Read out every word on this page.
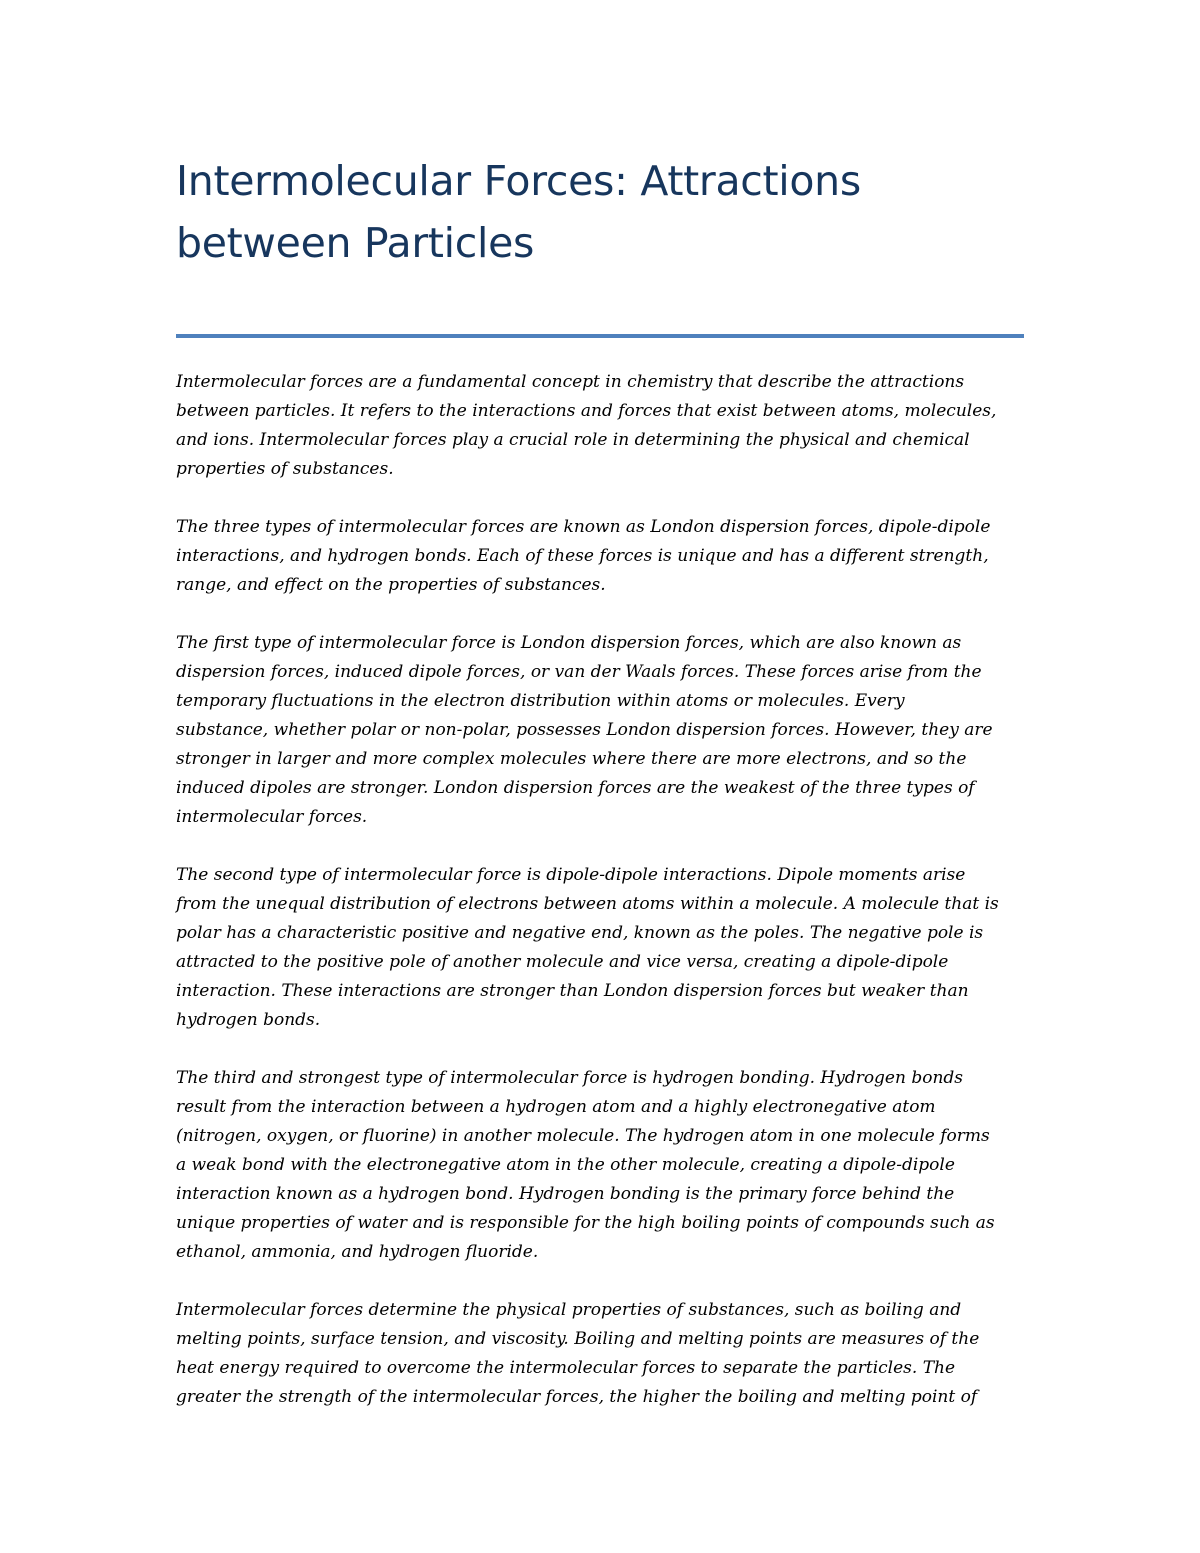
Intermolecular Forces: Attractions
between Particles

Intermolecular forces are a fundamental concept in chemistry that describe the attractions
between particles. It refers to the interactions and forces that exist between atoms, molecules,
and ions. Intermolecular forces play a crucial role in determining the physical and chemical
properties of substances.

The three types of intermolecular forces are known as London dispersion forces, dipole-dipole
interactions, and hydrogen bonds. Each of these forces is unique and has a different strength,
range, and effect on the properties of substances.

The first type of intermolecular force is London dispersion forces, which are also known as
dispersion forces, induced dipole forces, or van der Waals forces. These forces arise from the
temporary fluctuations in the electron distribution within atoms or molecules. Every
substance, whether polar or non-polar, possesses London dispersion forces. However, they are
stronger in larger and more complex molecules where there are more electrons, and so the
induced dipoles are stronger. London dispersion forces are the weakest of the three types of
intermolecular forces.

The second type of intermolecular force is dipole-dipole interactions. Dipole moments arise
from the unequal distribution of electrons between atoms within a molecule. A molecule that is
polar has a characteristic positive and negative end, known as the poles. The negative pole is
attracted to the positive pole of another molecule and vice versa, creating a dipole-dipole
interaction. These interactions are stronger than London dispersion forces but weaker than
hydrogen bonds.

The third and strongest type of intermolecular force is hydrogen bonding. Hydrogen bonds
result from the interaction between a hydrogen atom and a highly electronegative atom
(nitrogen, oxygen, or fluorine) in another molecule. The hydrogen atom in one molecule forms
a weak bond with the electronegative atom in the other molecule, creating a dipole-dipole
interaction known as a hydrogen bond. Hydrogen bonding is the primary force behind the
unique properties of water and is responsible for the high boiling points of compounds such as
ethanol, ammonia, and hydrogen fluoride.

Intermolecular forces determine the physical properties of substances, such as boiling and
melting points, surface tension, and viscosity. Boiling and melting points are measures of the
heat energy required to overcome the intermolecular forces to separate the particles. The
greater the strength of the intermolecular forces, the higher the boiling and melting point of
